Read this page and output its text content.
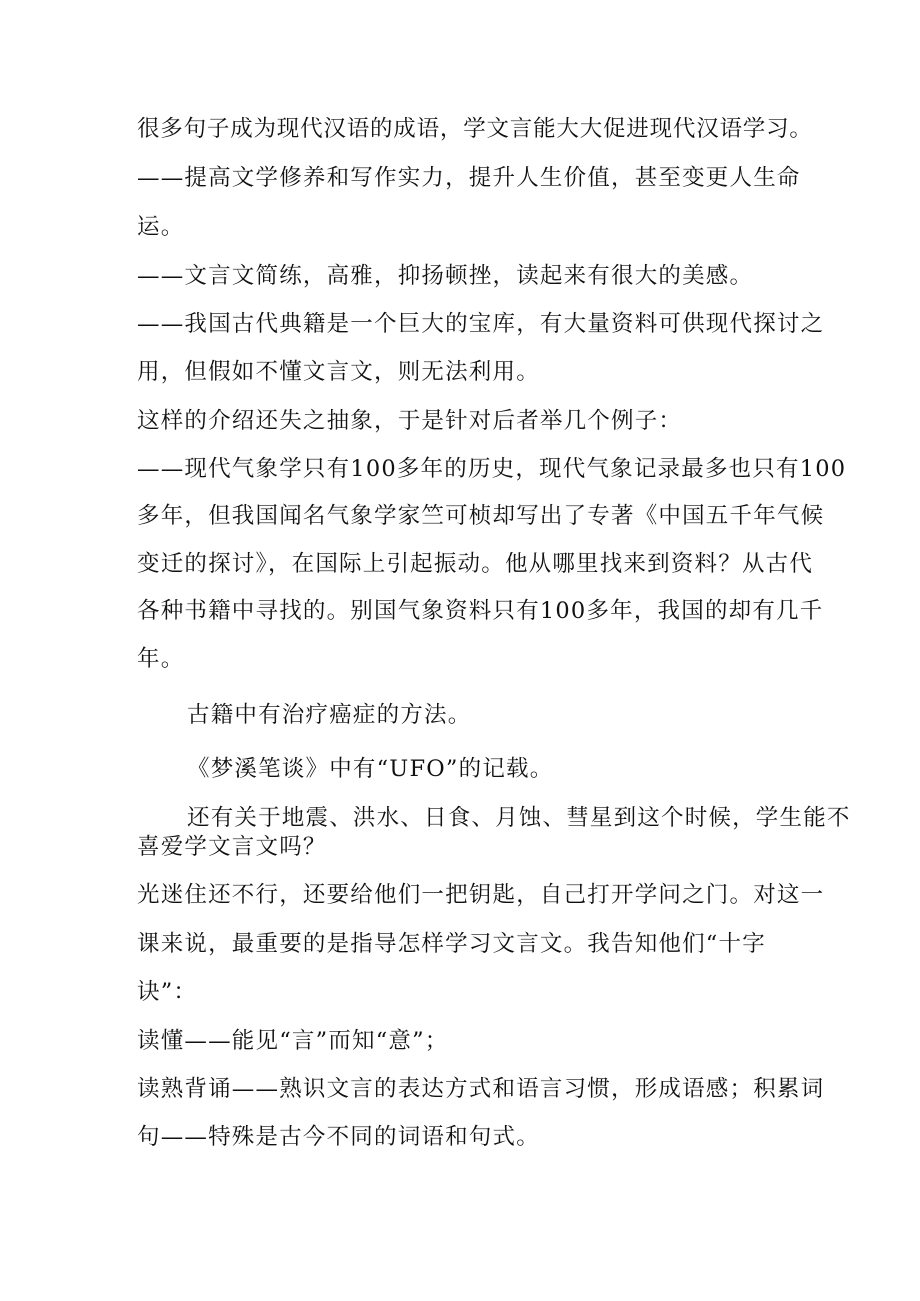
很多句子成为现代汉语的成语，学文言能大大促进现代汉语学习。
——提高文学修养和写作实力，提升人生价值，甚至变更人生命
运。
——文言文简练，高雅，抑扬顿挫，读起来有很大的美感。
——我国古代典籍是一个巨大的宝库，有大量资料可供现代探讨之
用，但假如不懂文言文，则无法利用。
这样的介绍还失之抽象，于是针对后者举几个例子：
——现代气象学只有100多年的历史，现代气象记录最多也只有100
多年，但我国闻名气象学家竺可桢却写出了专著《中国五千年气候
变迁的探讨》，在国际上引起振动。他从哪里找来到资料？从古代
各种书籍中寻找的。别国气象资料只有100多年，我国的却有几千
年。
古籍中有治疗癌症的方法。
《梦溪笔谈》中有“UFO”的记载。
还有关于地震、洪水、日食、月蚀、彗星到这个时候，学生能不
喜爱学文言文吗？
光迷住还不行，还要给他们一把钥匙，自己打开学问之门。对这一
课来说，最重要的是指导怎样学习文言文。我告知他们“十字
诀”：
读懂——能见“言”而知“意”；
读熟背诵——熟识文言的表达方式和语言习惯，形成语感；积累词
句——特殊是古今不同的词语和句式。
